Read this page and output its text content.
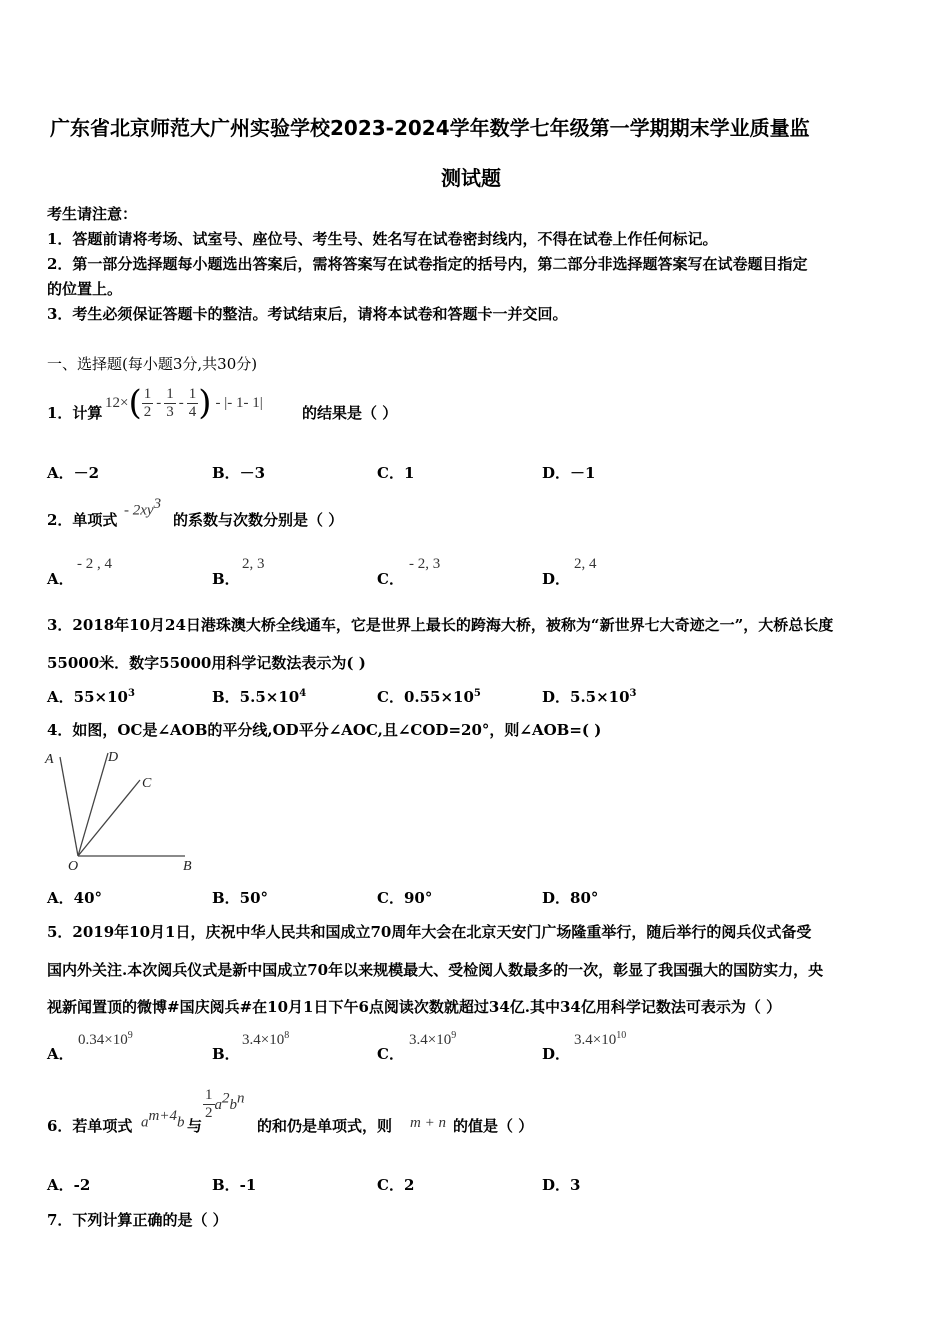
广东省北京师范大广州实验学校2023-2024学年数学七年级第一学期期末学业质量监
测试题
考生请注意：
1．答题前请将考场、试室号、座位号、考生号、姓名写在试卷密封线内，不得在试卷上作任何标记。
2．第一部分选择题每小题选出答案后，需将答案写在试卷指定的括号内，第二部分非选择题答案写在试卷题目指定
的位置上。
3．考生必须保证答题卡的整洁。考试结束后，请将本试卷和答题卡一并交回。
一、选择题(每小题3分,共30分)
1．计算
12× ( $\frac{1}{2} - \frac{1}{3} - \frac{1}{4}$ ) - |- 1- 1|
的结果是（ ）
A．－2	B．－3	C．1	D．－1
2．单项式
- $2xy^3$
的系数与次数分别是（ ）
A．
- 2 , 4
B．
2, 3
C．
- 2, 3
D．
2, 4
3．2018年10月24日港珠澳大桥全线通车，它是世界上最长的跨海大桥，被称为“新世界七大奇迹之一”，大桥总长度
55000米．数字55000用科学记数法表示为( )
A．$55\times 10^3$	B．$5.5\times 10^4$	C．$0.55\times 10^5$	D．$5.5\times 10^3$
4．如图，OC是∠AOB的平分线,OD平分∠AOC,且∠COD=20°，则∠AOB=( )
A	D
C
O	B
A．40°	B．50°	C．90°	D．80°
5．2019年10月1日，庆祝中华人民共和国成立70周年大会在北京天安门广场隆重举行，随后举行的阅兵仪式备受
国内外关注.本次阅兵仪式是新中国成立70年以来规模最大、受检阅人数最多的一次，彰显了我国强大的国防实力，央
视新闻置顶的微博#国庆阅兵#在10月1日下午6点阅读次数就超过34亿.其中34亿用科学记数法可表示为（ ）
A．
$0.34\times 10^9$
B．
$3.4\times 10^8$
C．
$3.4\times 10^9$
D．
$3.4\times 10^{10}$
6．若单项式 $a^{m+4}b$ 与
$\frac{1}{2} a^2b^n$
的和仍是单项式，则 m + n 的值是（ ）
A．-2	B．-1	C．2	D．3
7．下列计算正确的是（ ）
